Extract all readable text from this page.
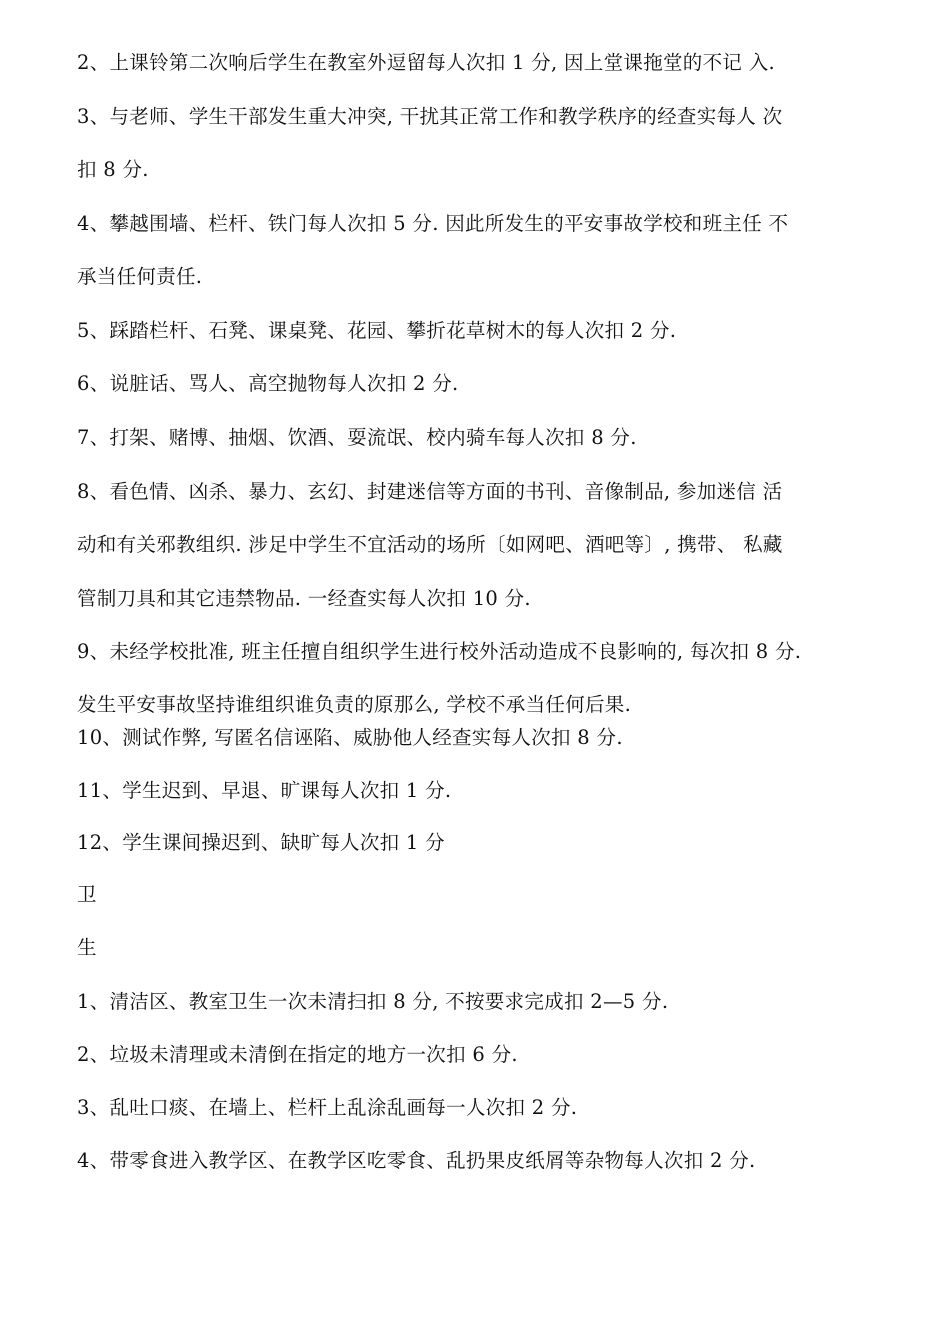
2、上课铃第二次响后学生在教室外逗留每人次扣 1 分, 因上堂课拖堂的不记 入.
3、与老师、学生干部发生重大冲突, 干扰其正常工作和教学秩序的经查实每人 次
扣 8 分.
4、攀越围墙、栏杆、铁门每人次扣 5 分. 因此所发生的平安事故学校和班主任 不
承当任何责任.
5、踩踏栏杆、石凳、课桌凳、花园、攀折花草树木的每人次扣 2 分.
6、说脏话、骂人、高空抛物每人次扣 2 分.
7、打架、赌博、抽烟、饮酒、耍流氓、校内骑车每人次扣 8 分.
8、看色情、凶杀、暴力、玄幻、封建迷信等方面的书刊、音像制品, 参加迷信 活
动和有关邪教组织. 涉足中学生不宜活动的场所〔如网吧、酒吧等〕, 携带、 私藏
管制刀具和其它违禁物品. 一经查实每人次扣 10 分.
9、未经学校批准, 班主任擅自组织学生进行校外活动造成不良影响的, 每次扣 8 分.
发生平安事故坚持谁组织谁负责的原那么, 学校不承当任何后果.
10、测试作弊, 写匿名信诬陷、威胁他人经查实每人次扣 8 分.
11、学生迟到、早退、旷课每人次扣 1 分.
12、学生课间操迟到、缺旷每人次扣 1 分
卫
生
1、清洁区、教室卫生一次未清扫扣 8 分, 不按要求完成扣 2—5 分.
2、垃圾未清理或未清倒在指定的地方一次扣 6 分.
3、乱吐口痰、在墙上、栏杆上乱涂乱画每一人次扣 2 分.
4、带零食进入教学区、在教学区吃零食、乱扔果皮纸屑等杂物每人次扣 2 分.
